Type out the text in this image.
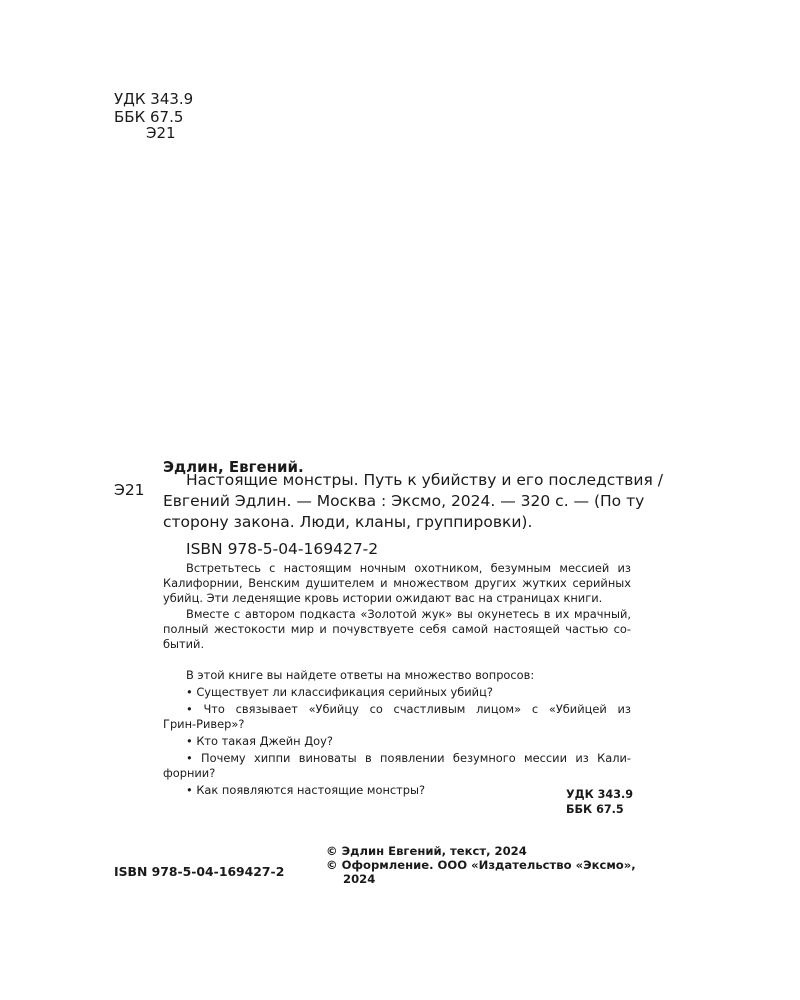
УДК 343.9
ББК 67.5
Э21
Эдлин, Евгений.
Э21
Настоящие монстры. Путь к убийству и его последствия /
Евгений Эдлин. — Москва : Эксмо, 2024. — 320 с. — (По ту
сторону закона. Люди, кланы, группировки).
ISBN 978-5-04-169427-2
Встретьтесь с настоящим ночным охотником, безумным мессией из
Калифорнии, Венским душителем и множеством других жутких серийных
убийц. Эти леденящие кровь истории ожидают вас на страницах книги.
Вместе с автором подкаста «Золотой жук» вы окунетесь в их мрачный,
полный жестокости мир и почувствуете себя самой настоящей частью со-
бытий.
В этой книге вы найдете ответы на множество вопросов:
• Существует ли классификация серийных убийц?
• Что связывает «Убийцу со счастливым лицом» с «Убийцей из
Грин-Ривер»?
• Кто такая Джейн Доу?
• Почему хиппи виноваты в появлении безумного мессии из Кали-
форнии?
• Как появляются настоящие монстры?	УДК 343.9
ББК 67.5
ISBN 978-5-04-169427-2
© Эдлин Евгений, текст, 2024
© Оформление. ООО «Издательство «Эксмо»,
2024
